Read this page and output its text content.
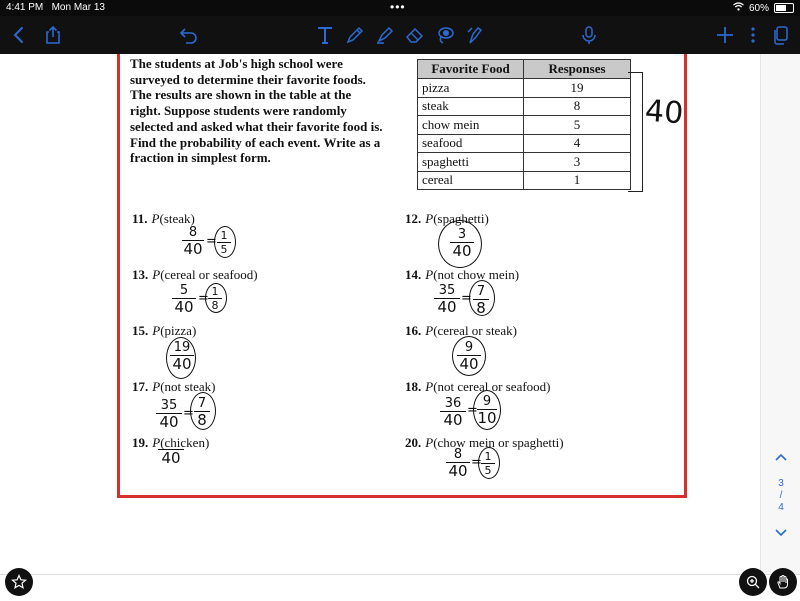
4:41 PM Mon Mar 13	•••	60%
The students at Job's high school were surveyed to determine their favorite foods. The results are shown in the table at the right. Suppose students were randomly selected and asked what their favorite food is. Find the probability of each event. Write as a fraction in simplest form.
Favorite Food	Responses
pizza	19
steak	8
chow mein	5
seafood	4
spaghetti	3
cereal	1
40
11. P(steak)
13. P(cereal or seafood)
15. P(pizza)
17. P(not steak)
19. P(chicken)
12. P(spaghetti)
14. P(not chow mein)
16. P(cereal or steak)
18. P(not cereal or seafood)
20. P(chow mein or spaghetti)
8
40 = 1
5
3
40
5
40 = 1
8
35
40 = 7
8
19
40
9
40
35
40 =
7
8
36
40
=
9
10
40	8
40 = 1
5
3
/
4
